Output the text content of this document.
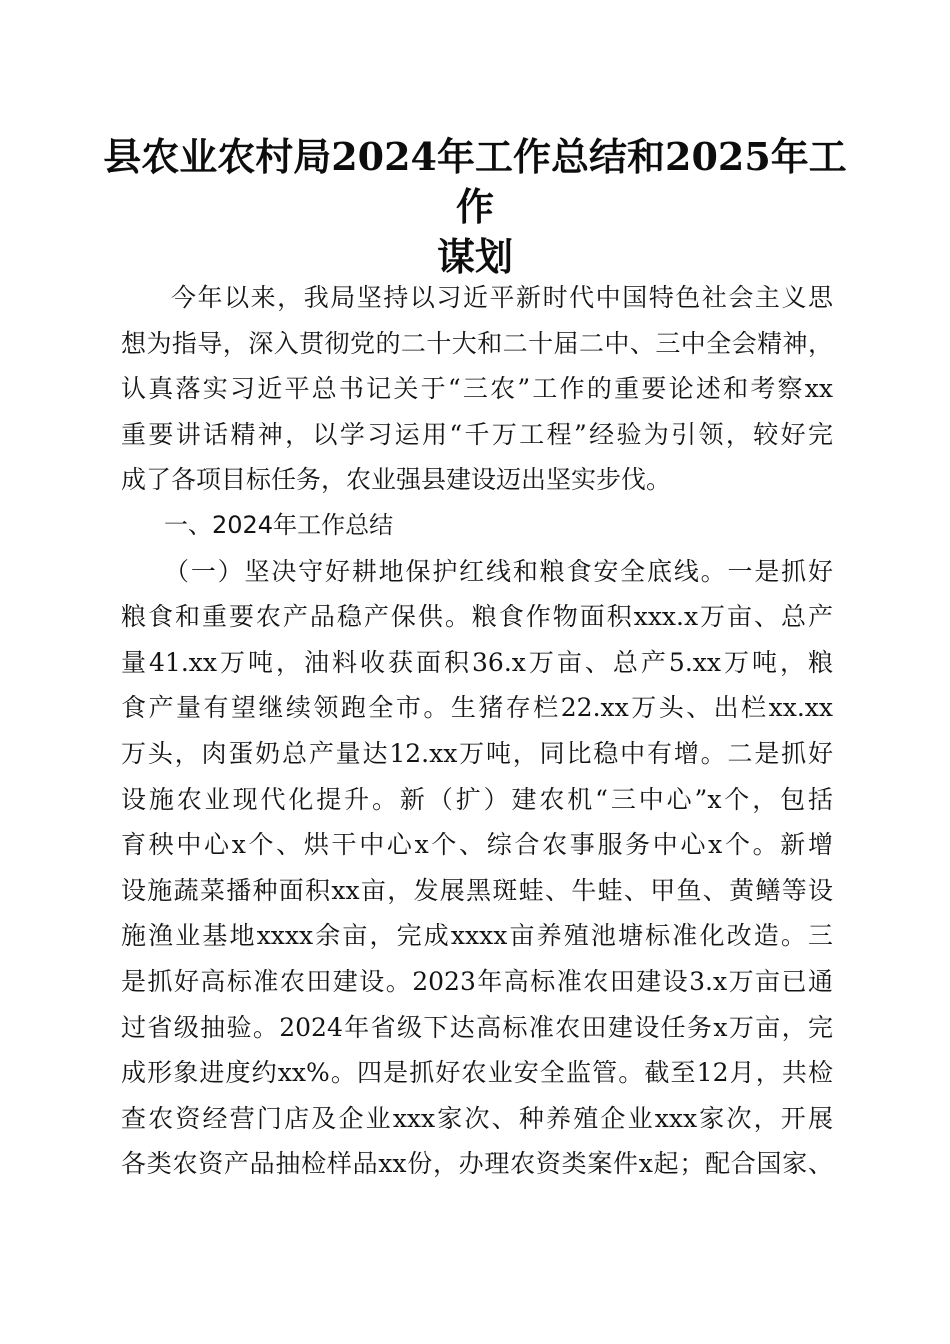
县农业农村局2024年工作总结和2025年工作
谋划
今年以来，我局坚持以习近平新时代中国特色社会主义思
想为指导，深入贯彻党的二十大和二十届二中、三中全会精神，
认真落实习近平总书记关于“三农”工作的重要论述和考察xx
重要讲话精神，以学习运用“千万工程”经验为引领，较好完
成了各项目标任务，农业强县建设迈出坚实步伐。
一、2024年工作总结
（一）坚决守好耕地保护红线和粮食安全底线。一是抓好
粮食和重要农产品稳产保供。粮食作物面积xxx.x万亩、总产
量41.xx万吨，油料收获面积36.x万亩、总产5.xx万吨，粮
食产量有望继续领跑全市。生猪存栏22.xx万头、出栏xx.xx
万头，肉蛋奶总产量达12.xx万吨，同比稳中有增。二是抓好
设施农业现代化提升。新（扩）建农机“三中心”x个，包括
育秧中心x个、烘干中心x个、综合农事服务中心x个。新增
设施蔬菜播种面积xx亩，发展黑斑蛙、牛蛙、甲鱼、黄鳝等设
施渔业基地xxxx余亩，完成xxxx亩养殖池塘标准化改造。三
是抓好高标准农田建设。2023年高标准农田建设3.x万亩已通
过省级抽验。2024年省级下达高标准农田建设任务x万亩，完
成形象进度约xx%。四是抓好农业安全监管。截至12月，共检
查农资经营门店及企业xxx家次、种养殖企业xxx家次，开展
各类农资产品抽检样品xx份，办理农资类案件x起；配合国家、
